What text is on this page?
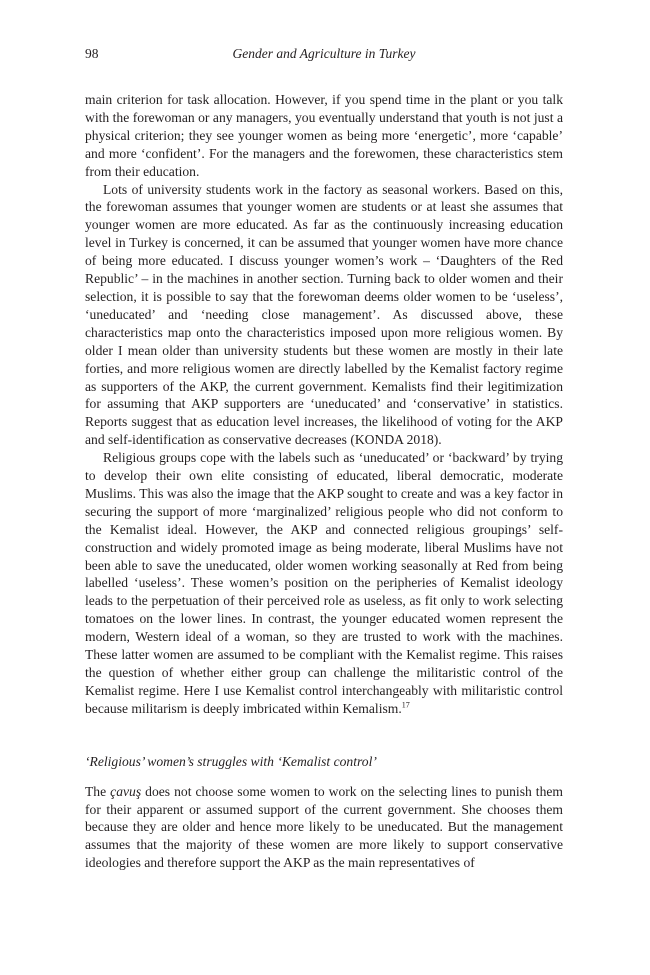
98	Gender and Agriculture in Turkey

main criterion for task allocation. However, if you spend time in the plant or you talk with the forewoman or any managers, you eventually understand that youth is not just a physical criterion; they see younger women as being more ‘energetic’, more ‘capable’ and more ‘confident’. For the managers and the forewomen, these characteristics stem from their education.

Lots of university students work in the factory as seasonal workers. Based on this, the forewoman assumes that younger women are students or at least she assumes that younger women are more educated. As far as the continuously increasing education level in Turkey is concerned, it can be assumed that younger women have more chance of being more educated. I discuss younger women’s work – ‘Daughters of the Red Republic’ – in the machines in another section. Turning back to older women and their selection, it is possible to say that the forewoman deems older women to be ‘useless’, ‘uneducated’ and ‘needing close management’. As discussed above, these characteristics map onto the characteristics imposed upon more religious women. By older I mean older than university students but these women are mostly in their late forties, and more religious women are directly labelled by the Kemalist factory regime as supporters of the AKP, the current government. Kemalists find their legitimization for assuming that AKP supporters are ‘uneducated’ and ‘conservative’ in statistics. Reports suggest that as education level increases, the likelihood of voting for the AKP and self-identification as conservative decreases (KONDA 2018).

Religious groups cope with the labels such as ‘uneducated’ or ‘backward’ by trying to develop their own elite consisting of educated, liberal democratic, moderate Muslims. This was also the image that the AKP sought to create and was a key factor in securing the support of more ‘marginalized’ religious people who did not conform to the Kemalist ideal. However, the AKP and connected religious groupings’ self-construction and widely promoted image as being moderate, liberal Muslims have not been able to save the uneducated, older women working seasonally at Red from being labelled ‘useless’. These women’s position on the peripheries of Kemalist ideology leads to the perpetuation of their perceived role as useless, as fit only to work selecting tomatoes on the lower lines. In contrast, the younger educated women represent the modern, Western ideal of a woman, so they are trusted to work with the machines. These latter women are assumed to be compliant with the Kemalist regime. This raises the question of whether either group can challenge the militaristic control of the Kemalist regime. Here I use Kemalist control interchangeably with militaristic control because militarism is deeply imbricated within Kemalism.$^{17}$

‘Religious’ women’s struggles with ‘Kemalist control’

The çavuş does not choose some women to work on the selecting lines to punish them for their apparent or assumed support of the current government. She chooses them because they are older and hence more likely to be uneducated. But the management assumes that the majority of these women are more likely to support conservative ideologies and therefore support the AKP as the main representatives of
